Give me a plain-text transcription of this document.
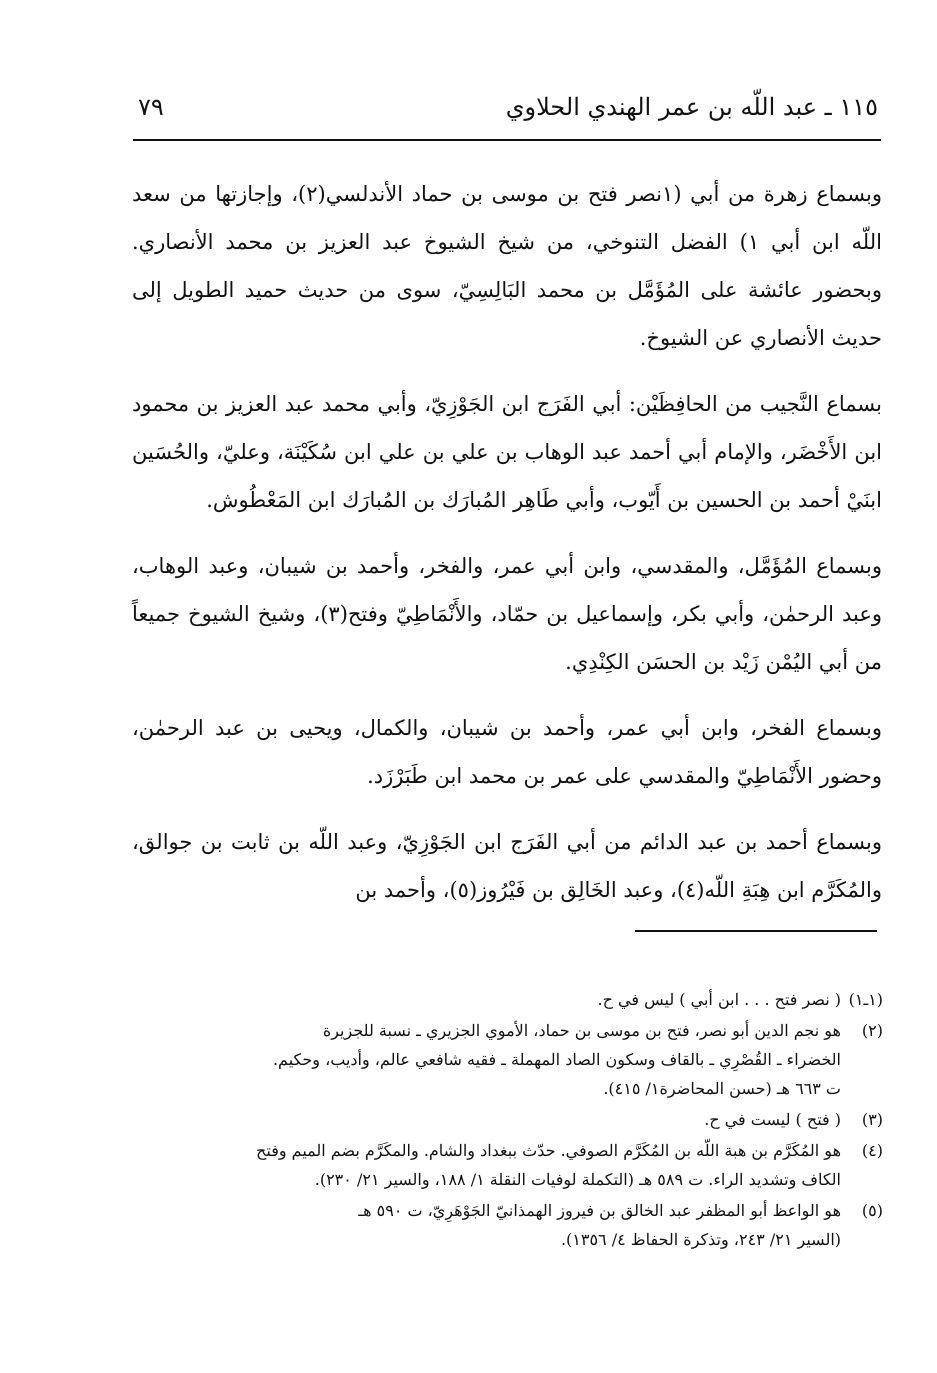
١١٥ ـ عبد اللّه بن عمر الهندي الحلاوي
٧٩

وبسماع زهرة من أبي (١نصر فتح بن موسى بن حماد الأندلسي(٢)، وإجازتها من سعد اللّه ابن أبي ١) الفضل التنوخي، من شيخ الشيوخ عبد العزيز بن محمد الأنصاري. وبحضور عائشة على المُؤَمَّل بن محمد البَالِسِيّ، سوى من حديث حميد الطويل إلى حديث الأنصاري عن الشيوخ.

بسماع النَّجيب من الحافِظَيْن: أبي الفَرَج ابن الجَوْزِيّ، وأبي محمد عبد العزيز بن محمود ابن الأَخْضَر، والإمام أبي أحمد عبد الوهاب بن علي بن علي ابن سُكَيْنَة، وعليّ، والحُسَين ابنَيْ أحمد بن الحسين بن أَيّوب، وأبي طَاهِر المُبارَك بن المُبارَك ابن المَعْطُوش.

وبسماع المُؤَمَّل، والمقدسي، وابن أبي عمر، والفخر، وأحمد بن شيبان، وعبد الوهاب، وعبد الرحمٰن، وأبي بكر، وإسماعيل بن حمّاد، والأَنْمَاطِيّ وفتح(٣)، وشيخ الشيوخ جميعاً من أبي اليُمْن زَيْد بن الحسَن الكِنْدِي.

وبسماع الفخر، وابن أبي عمر، وأحمد بن شيبان، والكمال، ويحيى بن عبد الرحمٰن، وحضور الأَنْمَاطِيّ والمقدسي على عمر بن محمد ابن طَبَرْزَد.

وبسماع أحمد بن عبد الدائم من أبي الفَرَج ابن الجَوْزِيّ، وعبد اللّه بن ثابت بن جوالق، والمُكَرَّم ابن هِبَةِ اللّه(٤)، وعبد الخَالِق بن فَيْرُوز(٥)، وأحمد بن

(١ـ١)
( نصر فتح . . . ابن أبي ) ليس في ح.
(٢)
هو نجم الدين أبو نصر، فتح بن موسى بن حماد، الأموي الجزيري ـ نسبة للجزيرة
الخضراء ـ القُصْرِي ـ بالقاف وسكون الصاد المهملة ـ فقيه شافعي عالم، وأديب، وحكيم.
ت ٦٦٣ هـ (حسن المحاضرة١/ ٤١٥).
(٣)
( فتح ) ليست في ح.
(٤)
هو المُكَرَّم بن هبة اللّه بن المُكَرَّم الصوفي. حدّث ببغداد والشام. والمكَرَّم بضم الميم وفتح
الكاف وتشديد الراء. ت ٥٨٩ هـ (التكملة لوفيات النقلة ١/ ١٨٨، والسير ٢١/ ٢٣٠).
(٥)
هو الواعظ أبو المظفر عبد الخالق بن فيروز الهمذانيّ الجَوْهَرِيّ، ت ٥٩٠ هـ
(السير ٢١/ ٢٤٣، وتذكرة الحفاظ ٤/ ١٣٥٦).
